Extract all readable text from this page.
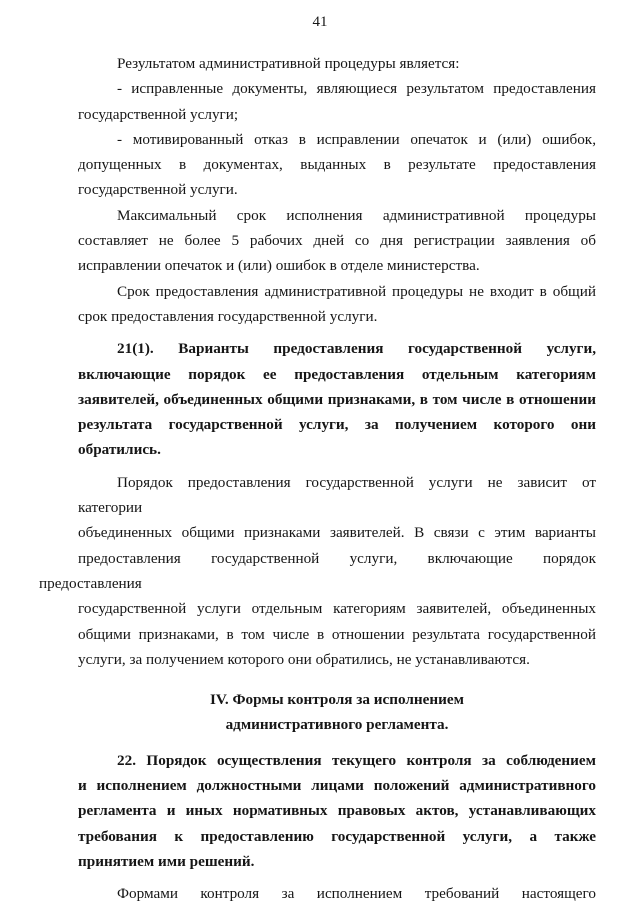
41
Результатом административной процедуры является:
- исправленные документы, являющиеся результатом предоставления
государственной услуги;
- мотивированный отказ в исправлении опечаток и (или) ошибок,
допущенных в документах, выданных в результате предоставления
государственной услуги.
Максимальный срок исполнения административной процедуры
составляет не более 5 рабочих дней со дня регистрации заявления об
исправлении опечаток и (или) ошибок в отделе министерства.
Срок предоставления административной процедуры не входит в общий
срок предоставления государственной услуги.
21(1). Варианты предоставления государственной услуги,
включающие порядок ее предоставления отдельным категориям
заявителей, объединенных общими признаками, в том числе в отношении
результата государственной услуги, за получением которого они
обратились.
Порядок предоставления государственной услуги не зависит от категории
объединенных общими признаками заявителей. В связи с этим варианты
предоставления государственной услуги, включающие порядок предоставления
государственной услуги отдельным категориям заявителей, объединенных
общими признаками, в том числе в отношении результата государственной
услуги, за получением которого они обратились, не устанавливаются.
IV. Формы контроля за исполнением
административного регламента.
22. Порядок осуществления текущего контроля за соблюдением
и исполнением должностными лицами положений административного
регламента и иных нормативных правовых актов, устанавливающих
требования к предоставлению государственной услуги, а также
принятием ими решений.
Формами контроля за исполнением требований настоящего
